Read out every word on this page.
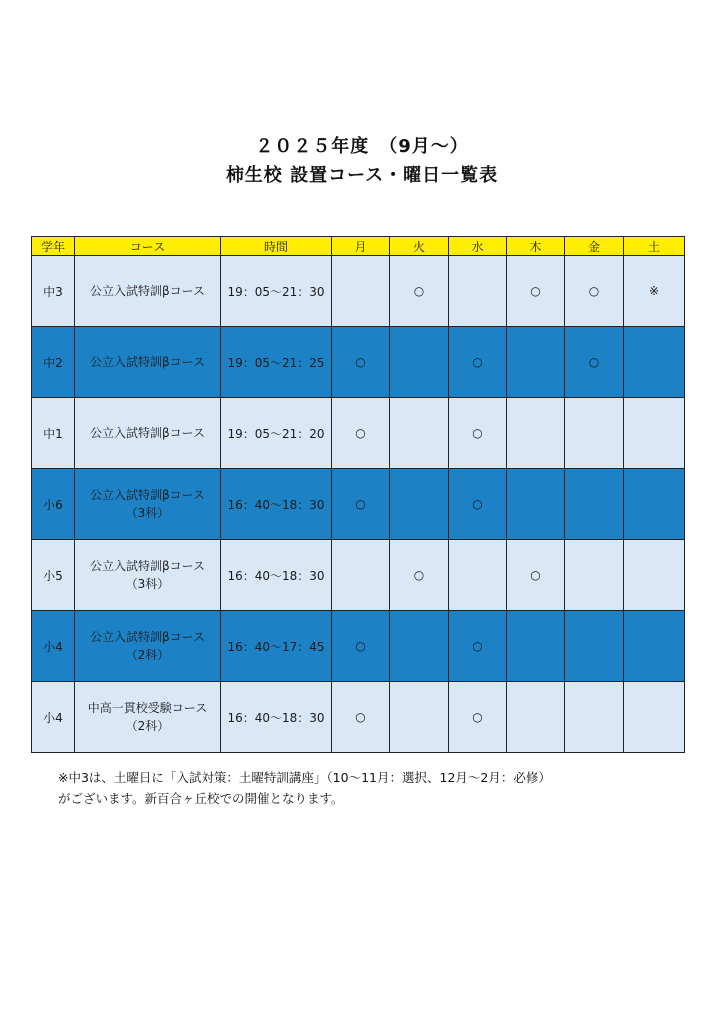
２０２５年度　（9月～）
柿生校 設置コース・曜日一覧表
学年	コース	時間	月	火	水	木	金	土
中3	公立入試特訓βコース	19：05～21：30		○		○	○	※
中2	公立入試特訓βコース	19：05～21：25	○		○		○	
中1	公立入試特訓βコース	19：05～21：20	○		○			
小6	公立入試特訓βコース
（3科）	16：40～18：30	○		○			
小5	公立入試特訓βコース
（3科）	16：40～18：30		○		○		
小4	公立入試特訓βコース
（2科）	16：40～17：45	○		○			
小4	中高一貫校受験コース
（2科）	16：40～18：30	○		○			
※中3は、土曜日に「入試対策：土曜特訓講座」（10～11月：選択、12月～2月：必修）
がございます。新百合ヶ丘校での開催となります。
